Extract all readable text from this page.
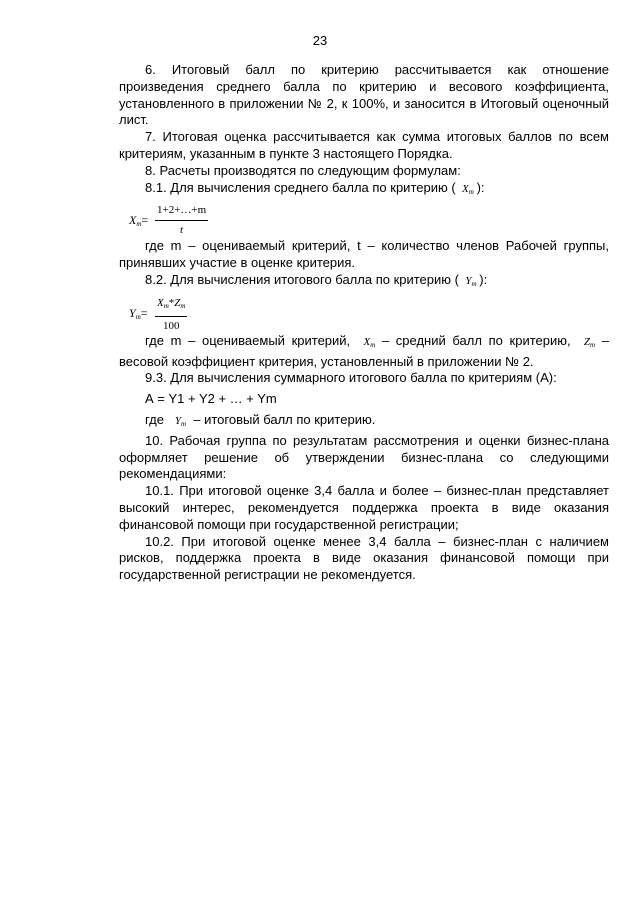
23

6. Итоговый балл по критерию рассчитывается как отношение произведения среднего балла по критерию и весового коэффициента, установленного в приложении № 2, к 100%, и заносится в Итоговый оценочный лист.

7. Итоговая оценка рассчитывается как сумма итоговых баллов по всем критериям, указанным в пункте 3 настоящего Порядка.

8. Расчеты производятся по следующим формулам:

8.1. Для вычисления среднего балла по критерию ( $X_m$ ):

$X_m= \frac{1+2+\dots+m}{t}$

где m – оцениваемый критерий, t – количество членов Рабочей группы, принявших участие в оценке критерия.

8.2. Для вычисления итогового балла по критерию ( $Y_m$ ):

$Y_m= \frac{X_m*Z_m}{100}$

где m – оцениваемый критерий, $X_m$ – средний балл по критерию, $Z_m$ – весовой коэффициент критерия, установленный в приложении № 2.

9.3. Для вычисления суммарного итогового балла по критериям (А):

А = Y1 + Y2 + … + Ym

где $Y_m$ – итоговый балл по критерию.

10. Рабочая группа по результатам рассмотрения и оценки бизнес-плана оформляет решение об утверждении бизнес-плана со следующими рекомендациями:

10.1. При итоговой оценке 3,4 балла и более – бизнес-план представляет высокий интерес, рекомендуется поддержка проекта в виде оказания финансовой помощи при государственной регистрации;

10.2. При итоговой оценке менее 3,4 балла – бизнес-план с наличием рисков, поддержка проекта в виде оказания финансовой помощи при государственной регистрации не рекомендуется.
